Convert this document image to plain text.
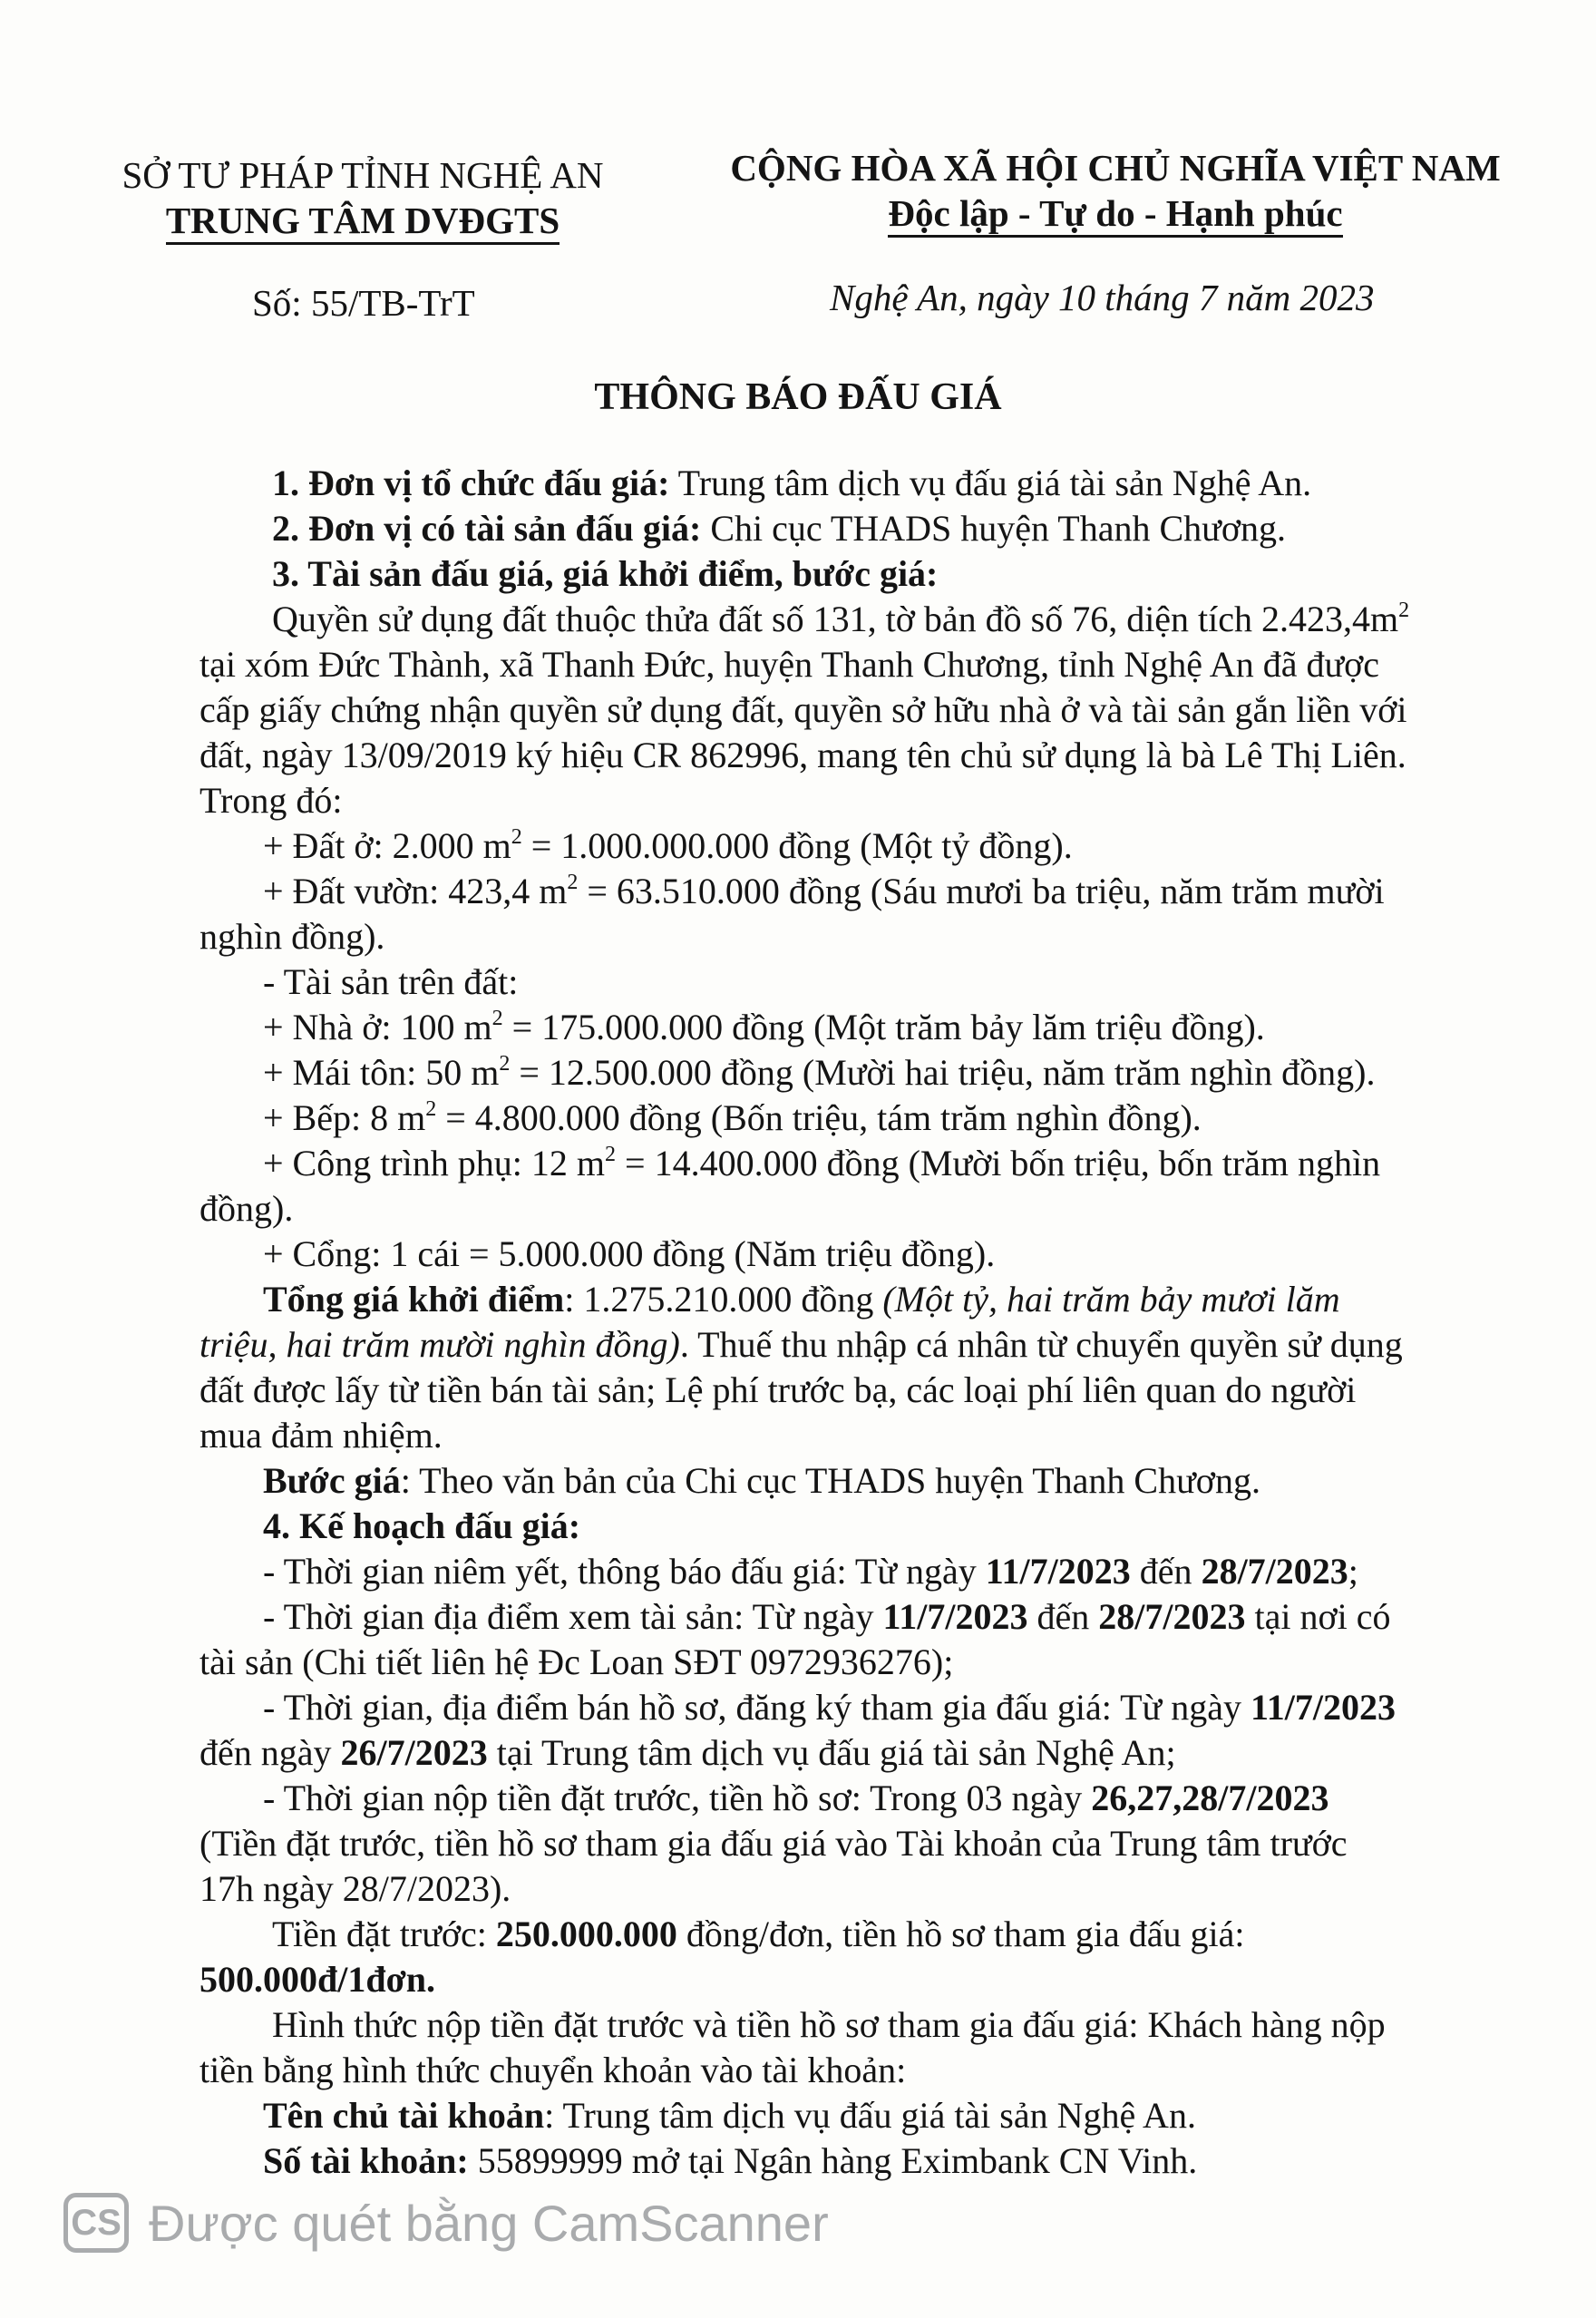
SỞ TƯ PHÁP TỈNH NGHỆ AN
TRUNG TÂM DVĐGTS
CỘNG HÒA XÃ HỘI CHỦ NGHĨA VIỆT NAM
Độc lập - Tự do - Hạnh phúc
Số: 55/TB-TrT	Nghệ An, ngày 10 tháng 7 năm 2023
THÔNG BÁO ĐẤU GIÁ
1. Đơn vị tổ chức đấu giá: Trung tâm dịch vụ đấu giá tài sản Nghệ An.
2. Đơn vị có tài sản đấu giá: Chi cục THADS huyện Thanh Chương.
3. Tài sản đấu giá, giá khởi điểm, bước giá:
Quyền sử dụng đất thuộc thửa đất số 131, tờ bản đồ số 76, diện tích $2.423,4m^2$
tại xóm Đức Thành, xã Thanh Đức, huyện Thanh Chương, tỉnh Nghệ An đã được
cấp giấy chứng nhận quyền sử dụng đất, quyền sở hữu nhà ở và tài sản gắn liền với
đất, ngày 13/09/2019 ký hiệu CR 862996, mang tên chủ sử dụng là bà Lê Thị Liên.
Trong đó:
+ Đất ở: 2.000 $m^2 = 1.000.000.000$ đồng (Một tỷ đồng).
+ Đất vườn: 423,4 $m^2 = 63.510.000$ đồng (Sáu mươi ba triệu, năm trăm mười
nghìn đồng).
- Tài sản trên đất:
+ Nhà ở: 100 $m^2 = 175.000.000$ đồng (Một trăm bảy lăm triệu đồng).
+ Mái tôn: 50 $m^2 = 12.500.000$ đồng (Mười hai triệu, năm trăm nghìn đồng).
+ Bếp: 8 $m^2 = 4.800.000$ đồng (Bốn triệu, tám trăm nghìn đồng).
+ Công trình phụ: 12 $m^2 = 14.400.000$ đồng (Mười bốn triệu, bốn trăm nghìn
đồng).
+ Cổng: 1 cái = 5.000.000 đồng (Năm triệu đồng).
Tổng giá khởi điểm: 1.275.210.000 đồng (Một tỷ, hai trăm bảy mươi lăm
triệu, hai trăm mười nghìn đồng). Thuế thu nhập cá nhân từ chuyển quyền sử dụng
đất được lấy từ tiền bán tài sản; Lệ phí trước bạ, các loại phí liên quan do người
mua đảm nhiệm.
Bước giá: Theo văn bản của Chi cục THADS huyện Thanh Chương.
4. Kế hoạch đấu giá:
- Thời gian niêm yết, thông báo đấu giá: Từ ngày 11/7/2023 đến 28/7/2023;
- Thời gian địa điểm xem tài sản: Từ ngày 11/7/2023 đến 28/7/2023 tại nơi có
tài sản (Chi tiết liên hệ Đc Loan SĐT 0972936276);
- Thời gian, địa điểm bán hồ sơ, đăng ký tham gia đấu giá: Từ ngày 11/7/2023
đến ngày 26/7/2023 tại Trung tâm dịch vụ đấu giá tài sản Nghệ An;
- Thời gian nộp tiền đặt trước, tiền hồ sơ: Trong 03 ngày 26,27,28/7/2023
(Tiền đặt trước, tiền hồ sơ tham gia đấu giá vào Tài khoản của Trung tâm trước
17h ngày 28/7/2023).
Tiền đặt trước: 250.000.000 đồng/đơn, tiền hồ sơ tham gia đấu giá:
500.000đ/1đơn.
Hình thức nộp tiền đặt trước và tiền hồ sơ tham gia đấu giá: Khách hàng nộp
tiền bằng hình thức chuyển khoản vào tài khoản:
Tên chủ tài khoản: Trung tâm dịch vụ đấu giá tài sản Nghệ An.
Số tài khoản: 55899999 mở tại Ngân hàng Eximbank CN Vinh.
CS Được quét bằng CamScanner
